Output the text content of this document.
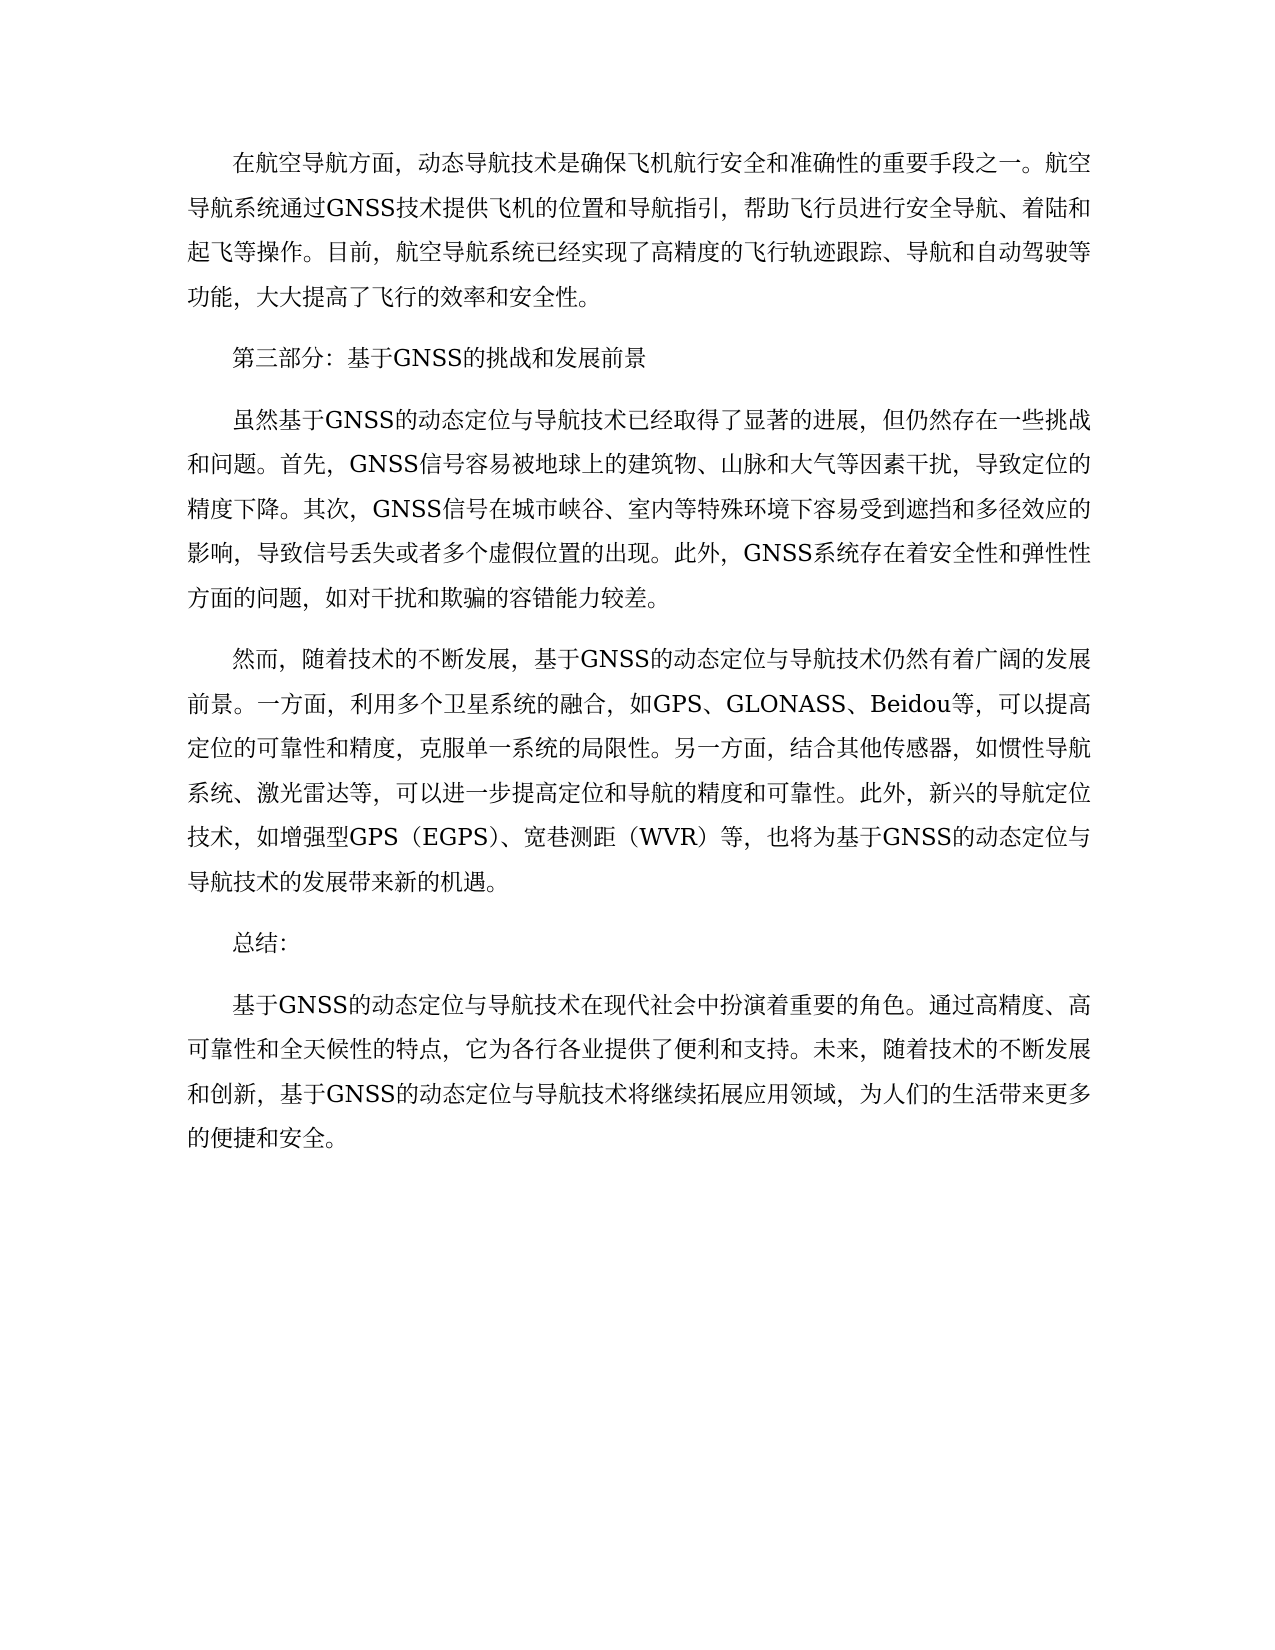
在航空导航方面，动态导航技术是确保飞机航行安全和准确性的重要手段之一。航空导航系统通过GNSS技术提供飞机的位置和导航指引，帮助飞行员进行安全导航、着陆和起飞等操作。目前，航空导航系统已经实现了高精度的飞行轨迹跟踪、导航和自动驾驶等功能，大大提高了飞行的效率和安全性。

第三部分：基于GNSS的挑战和发展前景

虽然基于GNSS的动态定位与导航技术已经取得了显著的进展，但仍然存在一些挑战和问题。首先，GNSS信号容易被地球上的建筑物、山脉和大气等因素干扰，导致定位的精度下降。其次，GNSS信号在城市峡谷、室内等特殊环境下容易受到遮挡和多径效应的影响，导致信号丢失或者多个虚假位置的出现。此外，GNSS系统存在着安全性和弹性性方面的问题，如对干扰和欺骗的容错能力较差。

然而，随着技术的不断发展，基于GNSS的动态定位与导航技术仍然有着广阔的发展前景。一方面，利用多个卫星系统的融合，如GPS、GLONASS、Beidou等，可以提高定位的可靠性和精度，克服单一系统的局限性。另一方面，结合其他传感器，如惯性导航系统、激光雷达等，可以进一步提高定位和导航的精度和可靠性。此外，新兴的导航定位技术，如增强型GPS（EGPS）、宽巷测距（WVR）等，也将为基于GNSS的动态定位与导航技术的发展带来新的机遇。

总结：

基于GNSS的动态定位与导航技术在现代社会中扮演着重要的角色。通过高精度、高可靠性和全天候性的特点，它为各行各业提供了便利和支持。未来，随着技术的不断发展和创新，基于GNSS的动态定位与导航技术将继续拓展应用领域，为人们的生活带来更多的便捷和安全。
